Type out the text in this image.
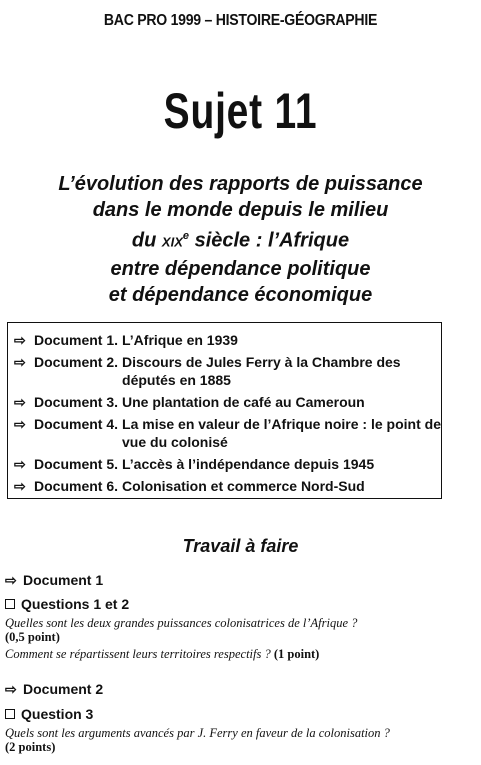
BAC PRO 1999 – HISTOIRE-GÉOGRAPHIE
Sujet 11
L’évolution des rapports de puissance
dans le monde depuis le milieu
du XIXe siècle : l’Afrique
entre dépendance politique
et dépendance économique
⇨ Document 1. L’Afrique en 1939
⇨ Document 2. Discours de Jules Ferry à la Chambre des députés en 1885
⇨ Document 3. Une plantation de café au Cameroun
⇨ Document 4. La mise en valeur de l’Afrique noire : le point de vue du colonisé
⇨ Document 5. L’accès à l’indépendance depuis 1945
⇨ Document 6. Colonisation et commerce Nord-Sud
Travail à faire
⇨ Document 1
Questions 1 et 2
Quelles sont les deux grandes puissances colonisatrices de l’Afrique ?
(0,5 point)
Comment se répartissent leurs territoires respectifs ? (1 point)
⇨ Document 2
Question 3
Quels sont les arguments avancés par J. Ferry en faveur de la colonisation ?
(2 points)
